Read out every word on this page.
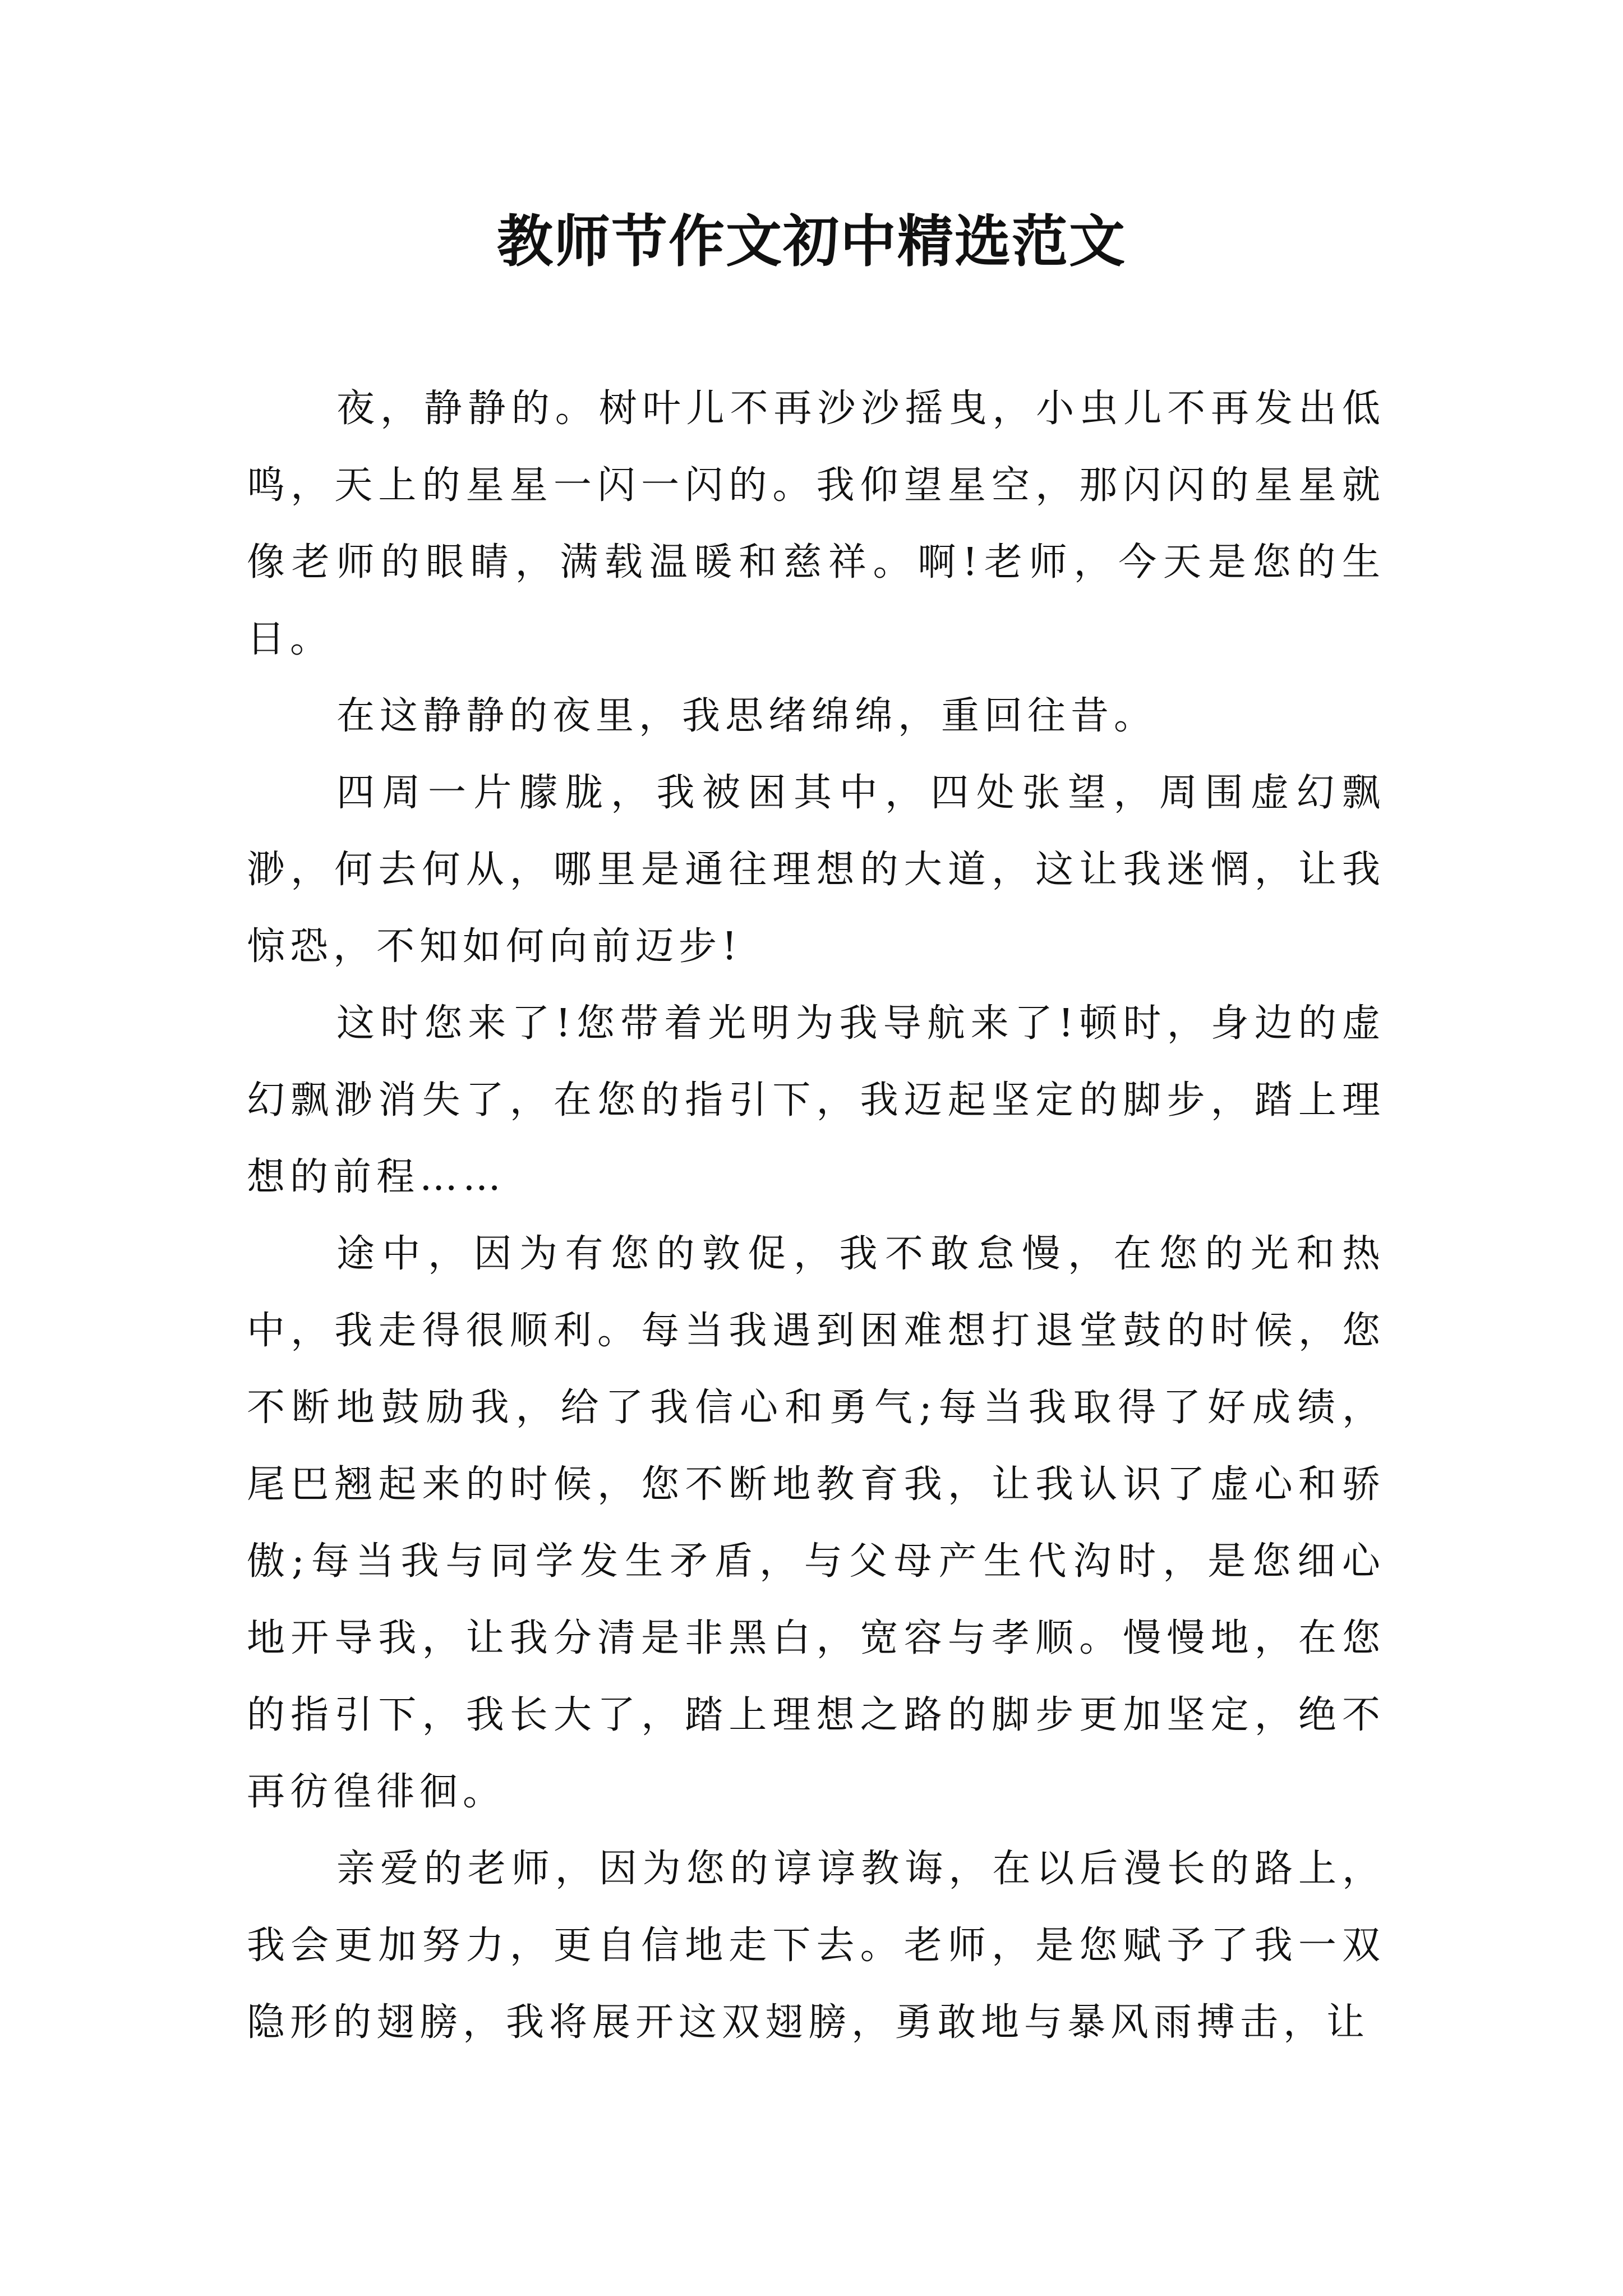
教师节作文初中精选范文

夜，静静的。树叶儿不再沙沙摇曳，小虫儿不再发出低鸣，天上的星星一闪一闪的。我仰望星空，那闪闪的星星就像老师的眼睛，满载温暖和慈祥。啊!老师，今天是您的生日。

在这静静的夜里，我思绪绵绵，重回往昔。

四周一片朦胧，我被困其中，四处张望，周围虚幻飘渺，何去何从，哪里是通往理想的大道，这让我迷惘，让我惊恐，不知如何向前迈步!

这时您来了!您带着光明为我导航来了!顿时，身边的虚幻飘渺消失了，在您的指引下，我迈起坚定的脚步，踏上理想的前程……

途中，因为有您的敦促，我不敢怠慢，在您的光和热中，我走得很顺利。每当我遇到困难想打退堂鼓的时候，您不断地鼓励我，给了我信心和勇气;每当我取得了好成绩，尾巴翘起来的时候，您不断地教育我，让我认识了虚心和骄傲;每当我与同学发生矛盾，与父母产生代沟时，是您细心地开导我，让我分清是非黑白，宽容与孝顺。慢慢地，在您的指引下，我长大了，踏上理想之路的脚步更加坚定，绝不再彷徨徘徊。

亲爱的老师，因为您的谆谆教诲，在以后漫长的路上，我会更加努力，更自信地走下去。老师，是您赋予了我一双隐形的翅膀，我将展开这双翅膀，勇敢地与暴风雨搏击，让
